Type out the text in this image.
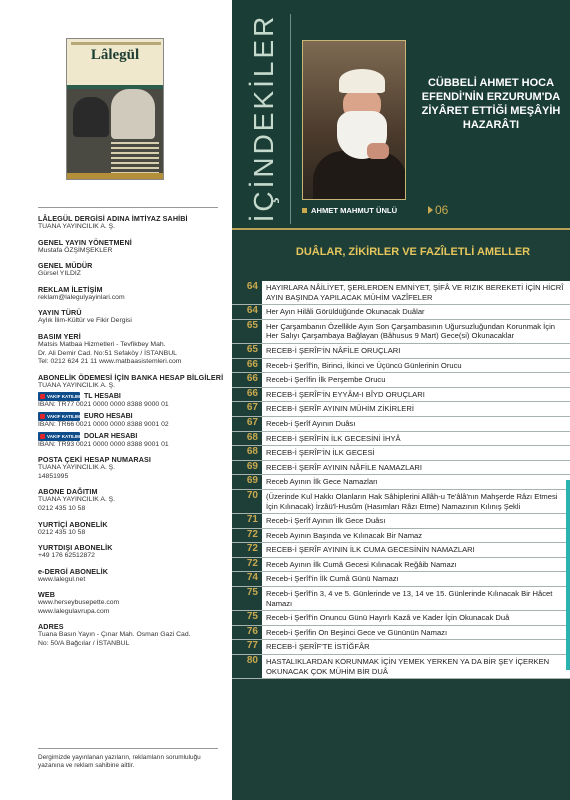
Lâlegül
LÂLEGÜL DERGİSİ ADINA İMTİYAZ SAHİBİ
TUANA YAYINCILIK A. Ş.
GENEL YAYIN YÖNETMENİ
Mustafa ÖZŞİMŞEKLER
GENEL MÜDÜR
Gürsel YILDIZ
REKLAM İLETİŞİM
reklam@lalegulyayinlari.com
YAYIN TÜRÜ
Aylık İlim-Kültür ve Fikir Dergisi
BASIM YERİ
Matsis Matbaa Hizmetleri - Tevfikbey Mah.
Dr. Ali Demir Cad. No:51 Sefaköy / İSTANBUL
Tel: 0212 624 21 11 www.matbaasistemleri.com
ABONELİK ÖDEMESİ İÇİN BANKA HESAP BİLGİLERİ
TUANA YAYINCILIK A. Ş.
VAKIF KATILIM TL HESABI
İBAN: TR77 0021 0000 0000 8388 9000 01
VAKIF KATILIM EURO HESABI
İBAN: TR66 0021 0000 0000 8388 9001 02
VAKIF KATILIM DOLAR HESABI
İBAN: TR93 0021 0000 0000 8388 9001 01
POSTA ÇEKİ HESAP NUMARASI
TUANA YAYINCILIK A. Ş.
14851995
ABONE DAĞITIM
TUANA YAYINCILIK A. Ş.
0212 435 10 58
YURTİÇİ ABONELİK
0212 435 10 58
YURTDIŞI ABONELİK
+49 176 62512872
e-DERGİ ABONELİK
www.lalegul.net
WEB
www.herseybusepette.com
www.lalegulavrupa.com
ADRES
Tuana Basın Yayın - Çınar Mah. Osman Gazi Cad.
No: 50/A Bağcılar / İSTANBUL
Dergimizde yayınlanan yazıların, reklamların sorumluluğu yazanına ve reklam sahibine aittir.
İÇİNDEKİLER	CÜBBELİ AHMET HOCA EFENDİ'NİN ERZURUM'DA ZİYÂRET ETTİĞİ MEŞÂYİH HAZARÂTI
AHMET MAHMUT ÜNLÜ	06
DUÂLAR, ZİKİRLER VE FAZÎLETLİ AMELLER
64	HAYIRLARA NÂİLİYET, ŞERLERDEN EMNİYET, ŞİFÂ VE RIZIK BEREKETİ İÇİN HİCRÎ AYIN BAŞINDA YAPILACAK MÜHİM VAZÎFELER
64	Her Ayın Hilâli Görüldüğünde Okunacak Duâlar
65	Her Çarşambanın Özellikle Ayın Son Çarşambasının Uğursuzluğundan Korunmak İçin Her Salıyı Çarşambaya Bağlayan (Bâhusus 9 Mart) Gece(si) Okunacaklar
65	RECEB-İ ŞERÎF'İN NÂFİLE ORUÇLARI
66	Receb-i Şerîf'in, Birinci, İkinci ve Üçüncü Günlerinin Orucu
66	Receb-i Şerîfin İlk Perşembe Orucu
66	RECEB-İ ŞERÎF'İN EYYÂM-I BÎYD ORUÇLARI
67	RECEB-İ ŞERÎF AYININ MÜHİM ZİKİRLERİ
67	Receb-i Şerîf Ayının Duâsı
68	RECEB-İ ŞERÎFİN İLK GECESİNİ İHYÂ
68	RECEB-İ ŞERÎF'İN İLK GECESİ
69	RECEB-İ ŞERÎF AYININ NÂFİLE NAMAZLARI
69	Receb Ayının İlk Gece Namazları
70	(Üzerinde Kul Hakkı Olanların Hak Sâhiplerini Allâh-u Te'âlâ'nın Mahşerde Râzı Etmesi İçin Kılınacak) İrzâü'l-Husûm (Hasımları Râzı Etme) Namazının Kılınış Şekli
71	Receb-i Şerîf Ayının İlk Gece Duâsı
72	Receb Ayının Başında ve Kılınacak Bir Namaz
72	RECEB-İ ŞERÎF AYININ İLK CUMA GECESİNİN NAMAZLARI
72	Receb Ayının İlk Cumâ Gecesi Kılınacak Reğâib Namazı
74	Receb-i Şerîf'in İlk Cumâ Günü Namazı
75	Receb-i Şerîf'in 3, 4 ve 5. Günlerinde ve 13, 14 ve 15. Günlerinde Kılınacak Bir Hâcet Namazı
75	Receb-i Şerîf'in Onuncu Günü Hayırlı Kazâ ve Kader İçin Okunacak Duâ
76	Receb-i Şerîfin On Beşinci Gece ve Gününün Namazı
77	RECEB-İ ŞERÎF'TE İSTİĞFÂR
80	HASTALIKLARDAN KORUNMAK İÇİN YEMEK YERKEN YA DA BİR ŞEY İÇERKEN OKUNACAK ÇOK MÜHİM BİR DUÂ
